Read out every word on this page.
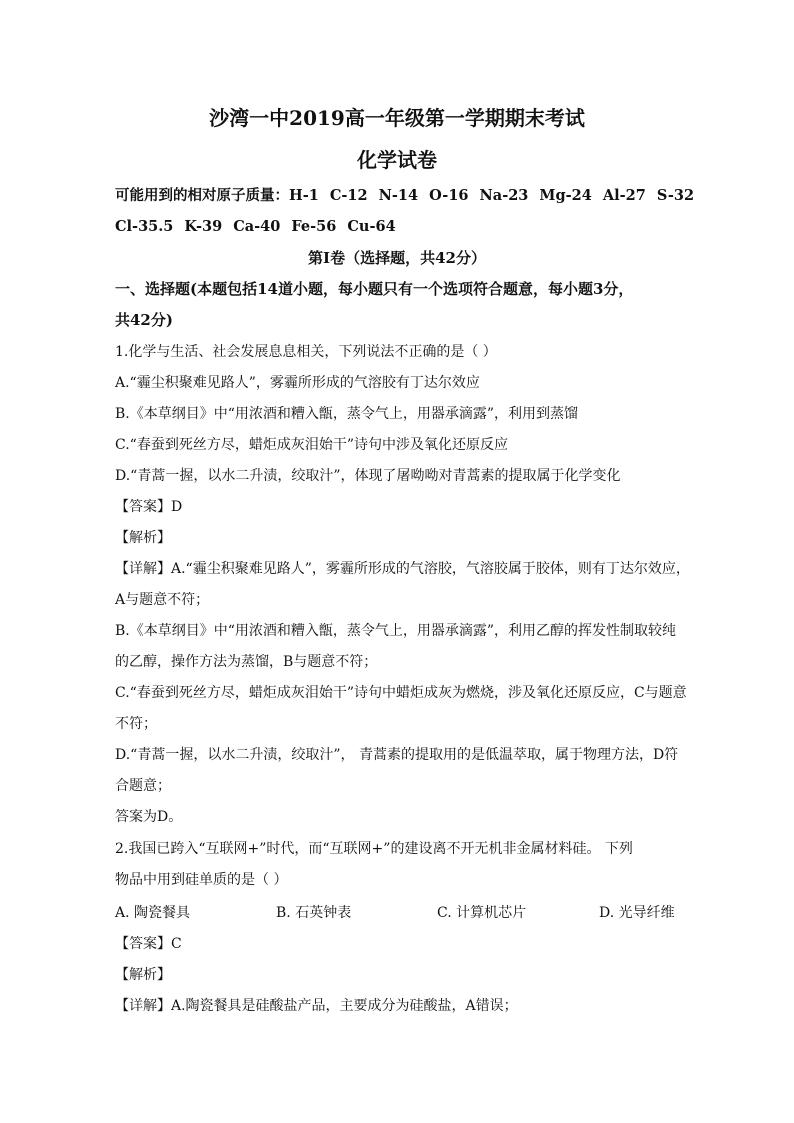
沙湾一中2019高一年级第一学期期末考试
化学试卷
可能用到的相对原子质量：H-1 C-12 N-14 O-16 Na-23 Mg-24 Al-27 S-32
Cl-35.5 K-39 Ca-40 Fe-56 Cu-64
第Ⅰ卷（选择题，共42分）
一、选择题(本题包括14道小题，每小题只有一个选项符合题意，每小题3分，
共42分)
1.化学与生活、社会发展息息相关，下列说法不正确的是（ ）
A.“霾尘积聚难见路人”，雾霾所形成的气溶胶有丁达尔效应
B.《本草纲目》中“用浓酒和糟入甑，蒸令气上，用器承滴露”，利用到蒸馏
C.“春蚕到死丝方尽，蜡炬成灰泪始干”诗句中涉及氧化还原反应
D.“青蒿一握，以水二升渍，绞取汁”，体现了屠呦呦对青蒿素的提取属于化学变化
【答案】D
【解析】
【详解】A.“霾尘积聚难见路人”，雾霾所形成的气溶胶，气溶胶属于胶体，则有丁达尔效应，
A与题意不符；
B.《本草纲目》中“用浓酒和糟入甑，蒸令气上，用器承滴露”，利用乙醇的挥发性制取较纯
的乙醇，操作方法为蒸馏，B与题意不符；
C.“春蚕到死丝方尽，蜡炬成灰泪始干”诗句中蜡炬成灰为燃烧，涉及氧化还原反应，C与题意
不符；
D.“青蒿一握，以水二升渍，绞取汁”， 青蒿素的提取用的是低温萃取，属于物理方法，D符
合题意；
答案为D。
2.我国已跨入“互联网+”时代，而“互联网+”的建设离不开无机非金属材料硅。 下列
物品中用到硅单质的是（ ）
A. 陶瓷餐具	B. 石英钟表	C. 计算机芯片	D. 光导纤维
【答案】C
【解析】
【详解】A.陶瓷餐具是硅酸盐产品，主要成分为硅酸盐，A错误；
